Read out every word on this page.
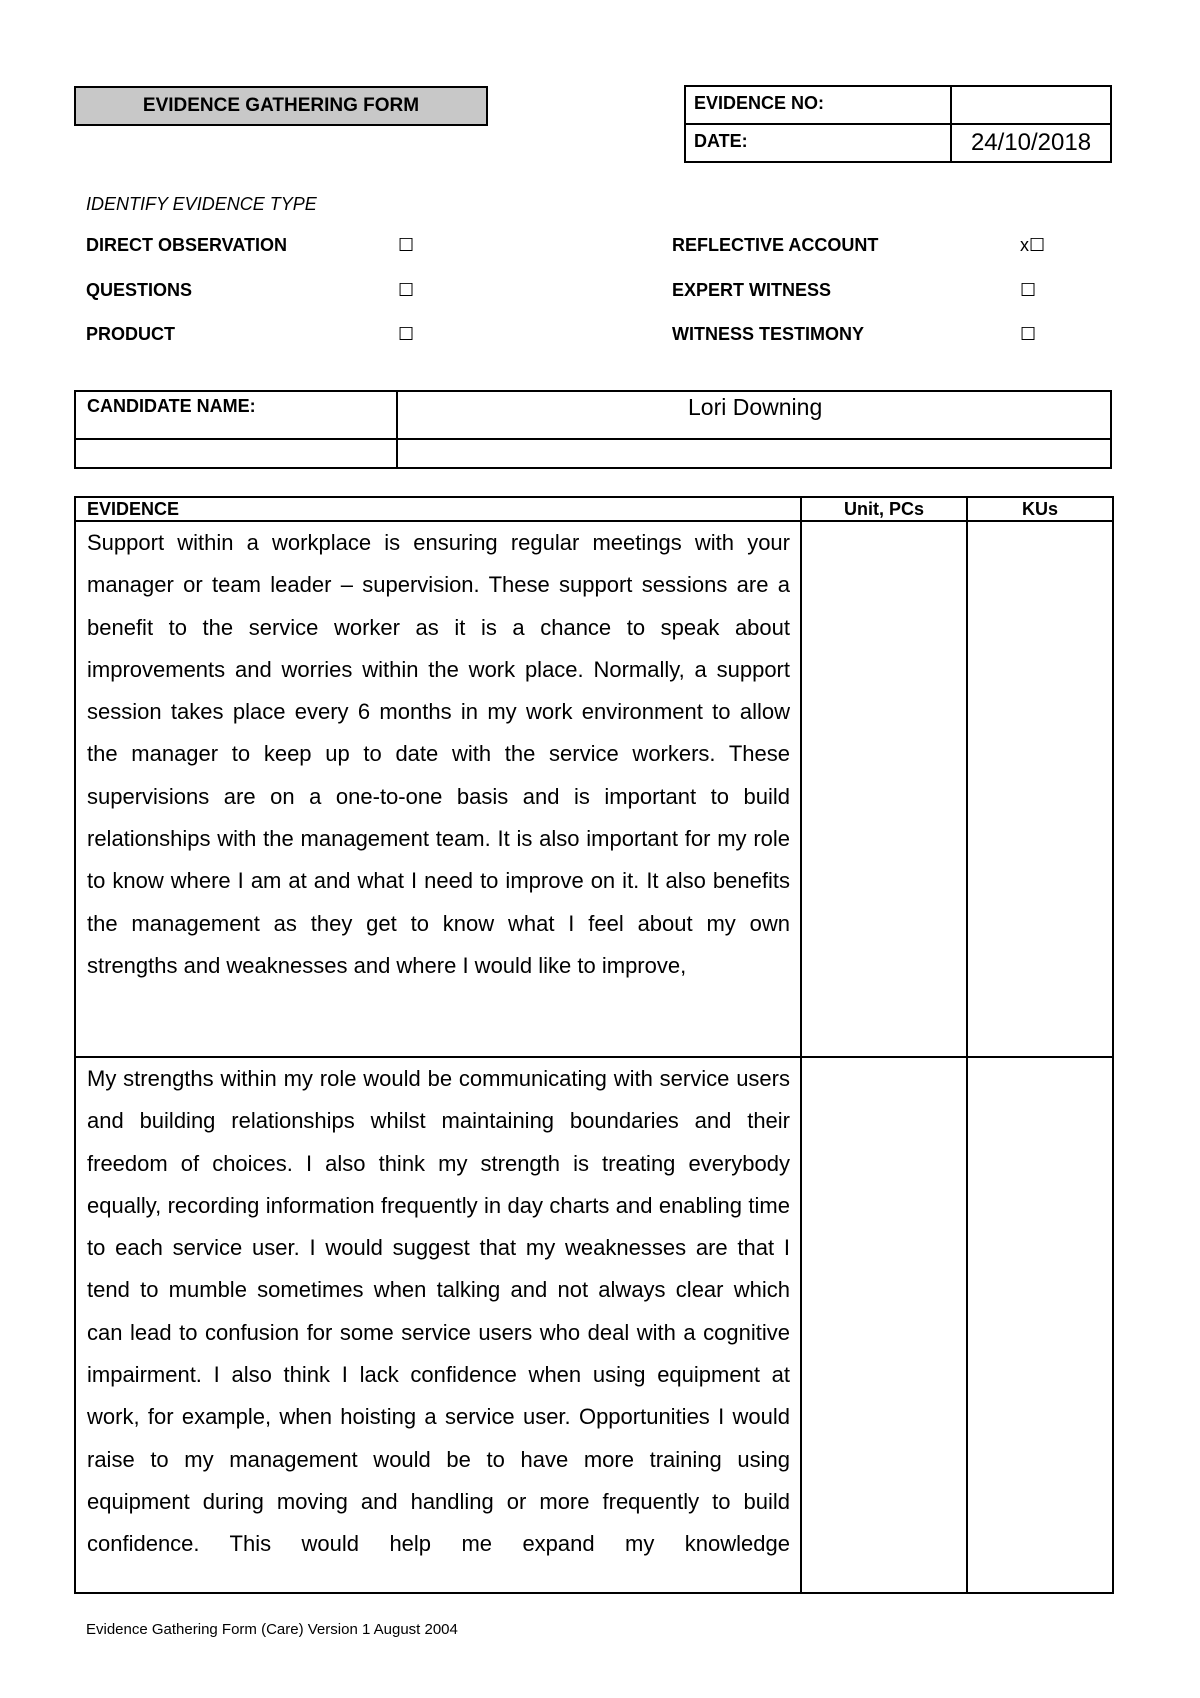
EVIDENCE GATHERING FORM	EVIDENCE NO:	
DATE:	24/10/2018
IDENTIFY EVIDENCE TYPE
DIRECT OBSERVATION	☐
QUESTIONS	☐
PRODUCT	☐
REFLECTIVE ACCOUNT	x☐
EXPERT WITNESS	☐
WITNESS TESTIMONY	☐
CANDIDATE NAME:	Lori Downing

EVIDENCE	Unit, PCs	KUs

Support within a workplace is ensuring regular meetings with your manager or team leader – supervision. These support sessions are a benefit to the service worker as it is a chance to speak about improvements and worries within the work place. Normally, a support session takes place every 6 months in my work environment to allow the manager to keep up to date with the service workers. These supervisions are on a one-to-one basis and is important to build relationships with the management team. It is also important for my role to know where I am at and what I need to improve on it. It also benefits the management as they get to know what I feel about my own strengths and weaknesses and where I would like to improve,		

My strengths within my role would be communicating with service users and building relationships whilst maintaining boundaries and their freedom of choices. I also think my strength is treating everybody equally, recording information frequently in day charts and enabling time to each service user. I would suggest that my weaknesses are that I tend to mumble sometimes when talking and not always clear which can lead to confusion for some service users who deal with a cognitive impairment. I also think I lack confidence when using equipment at work, for example, when hoisting a service user. Opportunities I would raise to my management would be to have more training using equipment during moving and handling or more frequently to build confidence. This would help me expand my knowledge		

Evidence Gathering Form (Care) Version 1 August 2004
